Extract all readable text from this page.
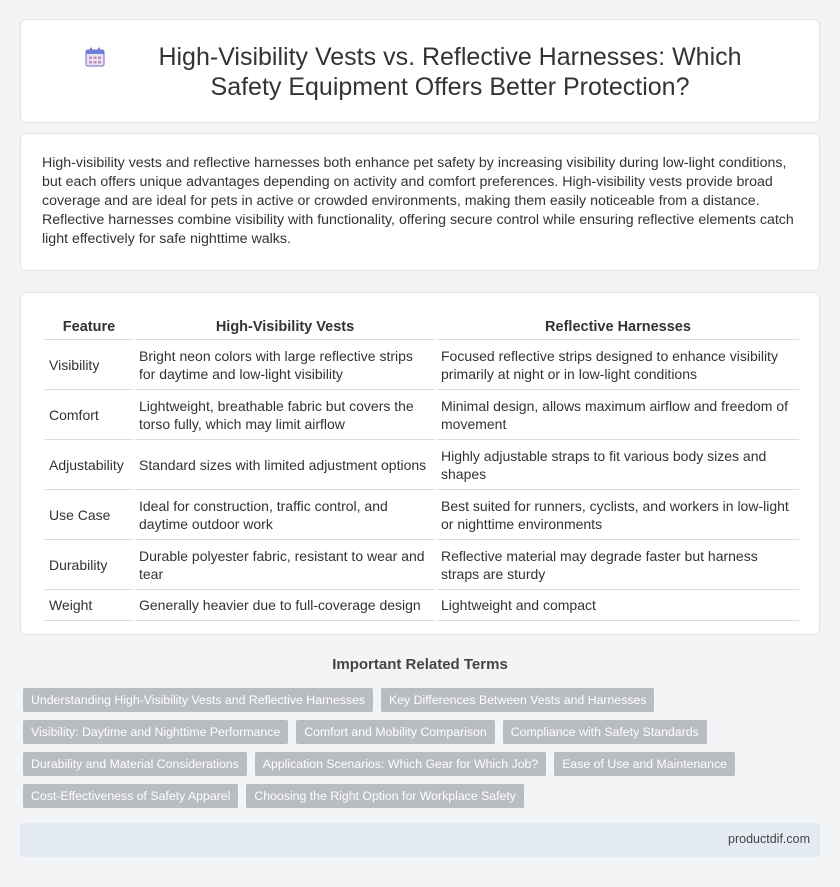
High-Visibility Vests vs. Reflective Harnesses: Which Safety Equipment Offers Better Protection?

High-visibility vests and reflective harnesses both enhance pet safety by increasing visibility during low-light conditions, but each offers unique advantages depending on activity and comfort preferences. High-visibility vests provide broad coverage and are ideal for pets in active or crowded environments, making them easily noticeable from a distance. Reflective harnesses combine visibility with functionality, offering secure control while ensuring reflective elements catch light effectively for safe nighttime walks.

Feature	High-Visibility Vests	Reflective Harnesses
Visibility	Bright neon colors with large reflective strips for daytime and low-light visibility	Focused reflective strips designed to enhance visibility primarily at night or in low-light conditions
Comfort	Lightweight, breathable fabric but covers the torso fully, which may limit airflow	Minimal design, allows maximum airflow and freedom of movement
Adjustability	Standard sizes with limited adjustment options	Highly adjustable straps to fit various body sizes and shapes
Use Case	Ideal for construction, traffic control, and daytime outdoor work	Best suited for runners, cyclists, and workers in low-light or nighttime environments
Durability	Durable polyester fabric, resistant to wear and tear	Reflective material may degrade faster but harness straps are sturdy
Weight	Generally heavier due to full-coverage design	Lightweight and compact
Important Related Terms
Understanding High-Visibility Vests and Reflective Harnesses	Key Differences Between Vests and Harnesses
Visibility: Daytime and Nighttime Performance	Comfort and Mobility Comparison	Compliance with Safety Standards
Durability and Material Considerations	Application Scenarios: Which Gear for Which Job?	Ease of Use and Maintenance
Cost-Effectiveness of Safety Apparel	Choosing the Right Option for Workplace Safety
productdif.com
